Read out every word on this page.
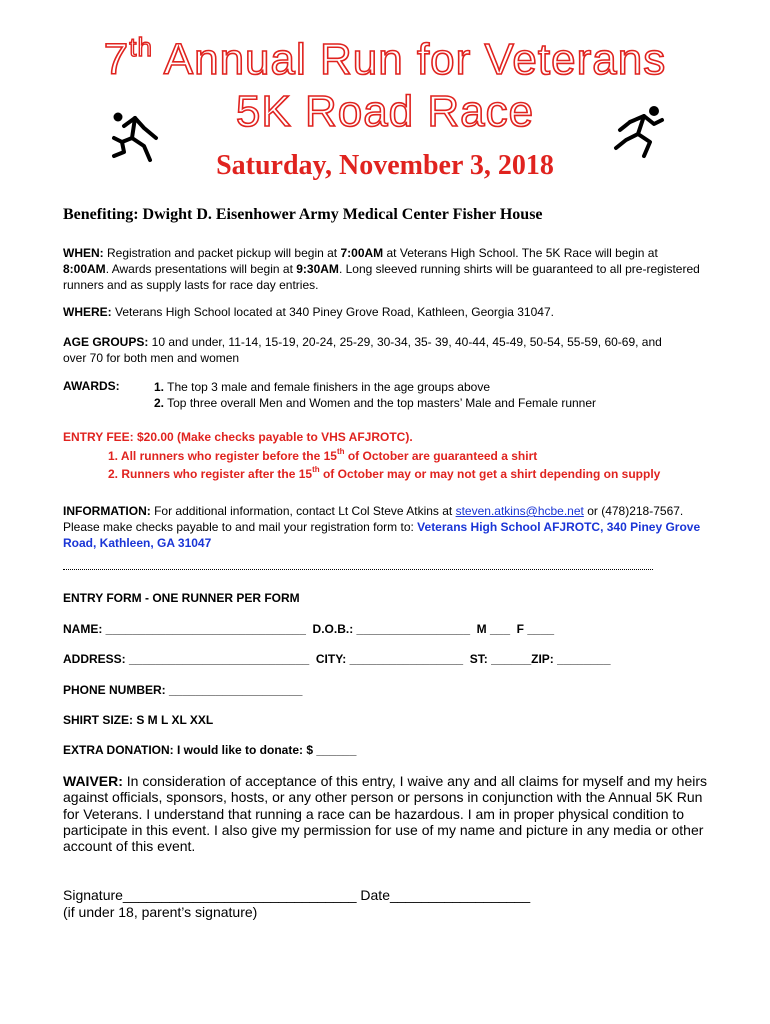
7th Annual Run for Veterans
5K Road Race
Saturday, November 3, 2018
Benefiting: Dwight D. Eisenhower Army Medical Center Fisher House
WHEN: Registration and packet pickup will begin at 7:00AM at Veterans High School. The 5K Race will begin at 8:00AM. Awards presentations will begin at 9:30AM. Long sleeved running shirts will be guaranteed to all pre-registered runners and as supply lasts for race day entries.
WHERE: Veterans High School located at 340 Piney Grove Road, Kathleen, Georgia 31047.
AGE GROUPS: 10 and under, 11-14, 15-19, 20-24, 25-29, 30-34, 35- 39, 40-44, 45-49, 50-54, 55-59, 60-69, and over 70 for both men and women
AWARDS:	1. The top 3 male and female finishers in the age groups above
2. Top three overall Men and Women and the top masters’ Male and Female runner
ENTRY FEE: $20.00 (Make checks payable to VHS AFJROTC).
1. All runners who register before the 15th of October are guaranteed a shirt
2. Runners who register after the 15th of October may or may not get a shirt depending on supply
INFORMATION: For additional information, contact Lt Col Steve Atkins at steven.atkins@hcbe.net or (478)218-7567. Please make checks payable to and mail your registration form to: Veterans High School AFJROTC, 340 Piney Grove Road, Kathleen, GA 31047
ENTRY FORM - ONE RUNNER PER FORM
NAME: ______________________________  D.O.B.: _________________  M ___  F ____
ADDRESS: ___________________________  CITY: _________________  ST: ______ZIP: ________
PHONE NUMBER: ____________________
SHIRT SIZE: S M L XL XXL
EXTRA DONATION: I would like to donate: $ ______
WAIVER: In consideration of acceptance of this entry, I waive any and all claims for myself and my heirs against officials, sponsors, hosts, or any other person or persons in conjunction with the Annual 5K Run for Veterans. I understand that running a race can be hazardous. I am in proper physical condition to participate in this event. I also give my permission for use of my name and picture in any media or other account of this event.
Signature______________________________ Date__________________
(if under 18, parent’s signature)
